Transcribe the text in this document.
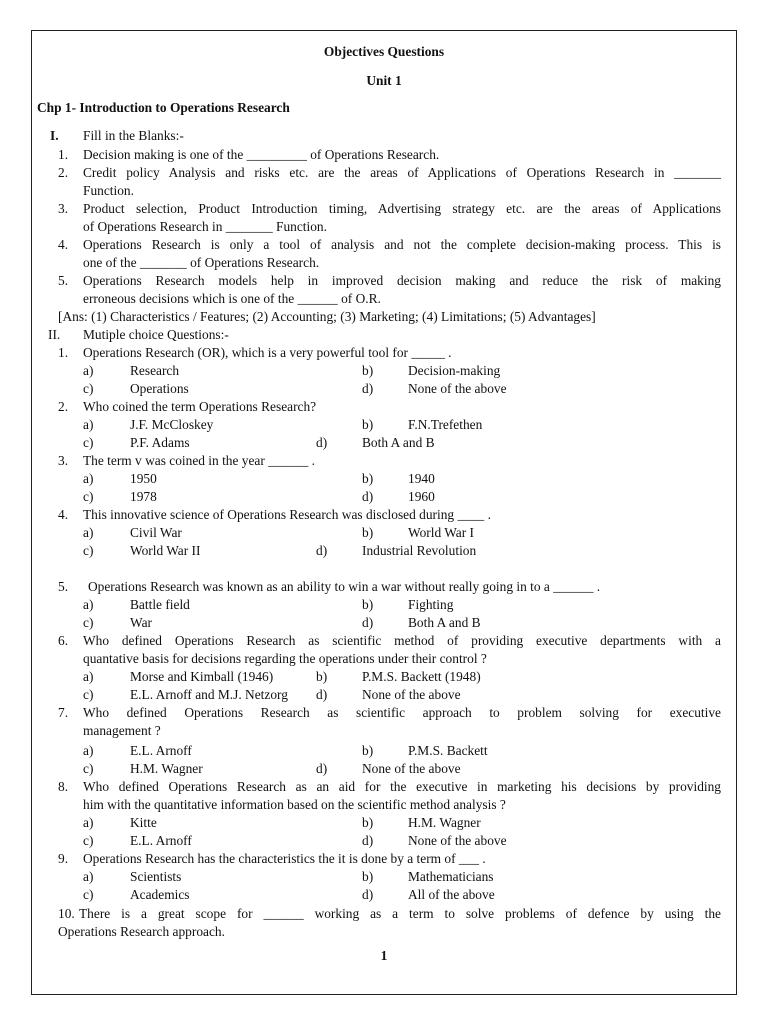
Objectives Questions
Unit 1
Chp 1- Introduction to Operations Research
I. Fill in the Blanks:-
1. Decision making is one of the _________ of Operations Research.
2. Credit policy Analysis and risks etc. are the areas of Applications of Operations Research in _______
Function.
3. Product selection, Product Introduction timing, Advertising strategy etc. are the areas of Applications
of Operations Research in _______ Function.
4. Operations Research is only a tool of analysis and not the complete decision-making process. This is
one of the _______ of Operations Research.
5. Operations Research models help in improved decision making and reduce the risk of making
erroneous decisions which is one of the ______ of O.R.
[Ans: (1) Characteristics / Features; (2) Accounting; (3) Marketing; (4) Limitations; (5) Advantages]
II. Mutiple choice Questions:-
1. Operations Research (OR), which is a very powerful tool for _____ .
a)	Research	b)	Decision-making
c)	Operations	d)	None of the above
2. Who coined the term Operations Research?
a)	J.F. McCloskey	b)	F.N.Trefethen
c)	P.F. Adams	d)	Both A and B
3. The term v was coined in the year ______ .
a)	1950	b)	1940
c)	1978	d)	1960
4. This innovative science of Operations Research was disclosed during ____ .
a)	Civil War	b)	World War I
c)	World War II	d)	Industrial Revolution
5. Operations Research was known as an ability to win a war without really going in to a ______ .
a)	Battle field	b)	Fighting
c)	War	d)	Both A and B
6. Who defined Operations Research as scientific method of providing executive departments with a
quantative basis for decisions regarding the operations under their control ?
a)	Morse and Kimball (1946)	b)	P.M.S. Backett (1948)
c)	E.L. Arnoff and M.J. Netzorg d)	None of the above
7. Who defined Operations Research as scientific approach to problem solving for executive
management ?
a)	E.L. Arnoff	b)	P.M.S. Backett
c)	H.M. Wagner	d)	None of the above
8. Who defined Operations Research as an aid for the executive in marketing his decisions by providing
him with the quantitative information based on the scientific method analysis ?
a)	Kitte	b)	H.M. Wagner
c)	E.L. Arnoff	d)	None of the above
9. Operations Research has the characteristics the it is done by a term of ___ .
a)	Scientists	b)	Mathematicians
c)	Academics	d)	All of the above
10. There is a great scope for ______ working as a term to solve problems of defence by using the
Operations Research approach.
1
